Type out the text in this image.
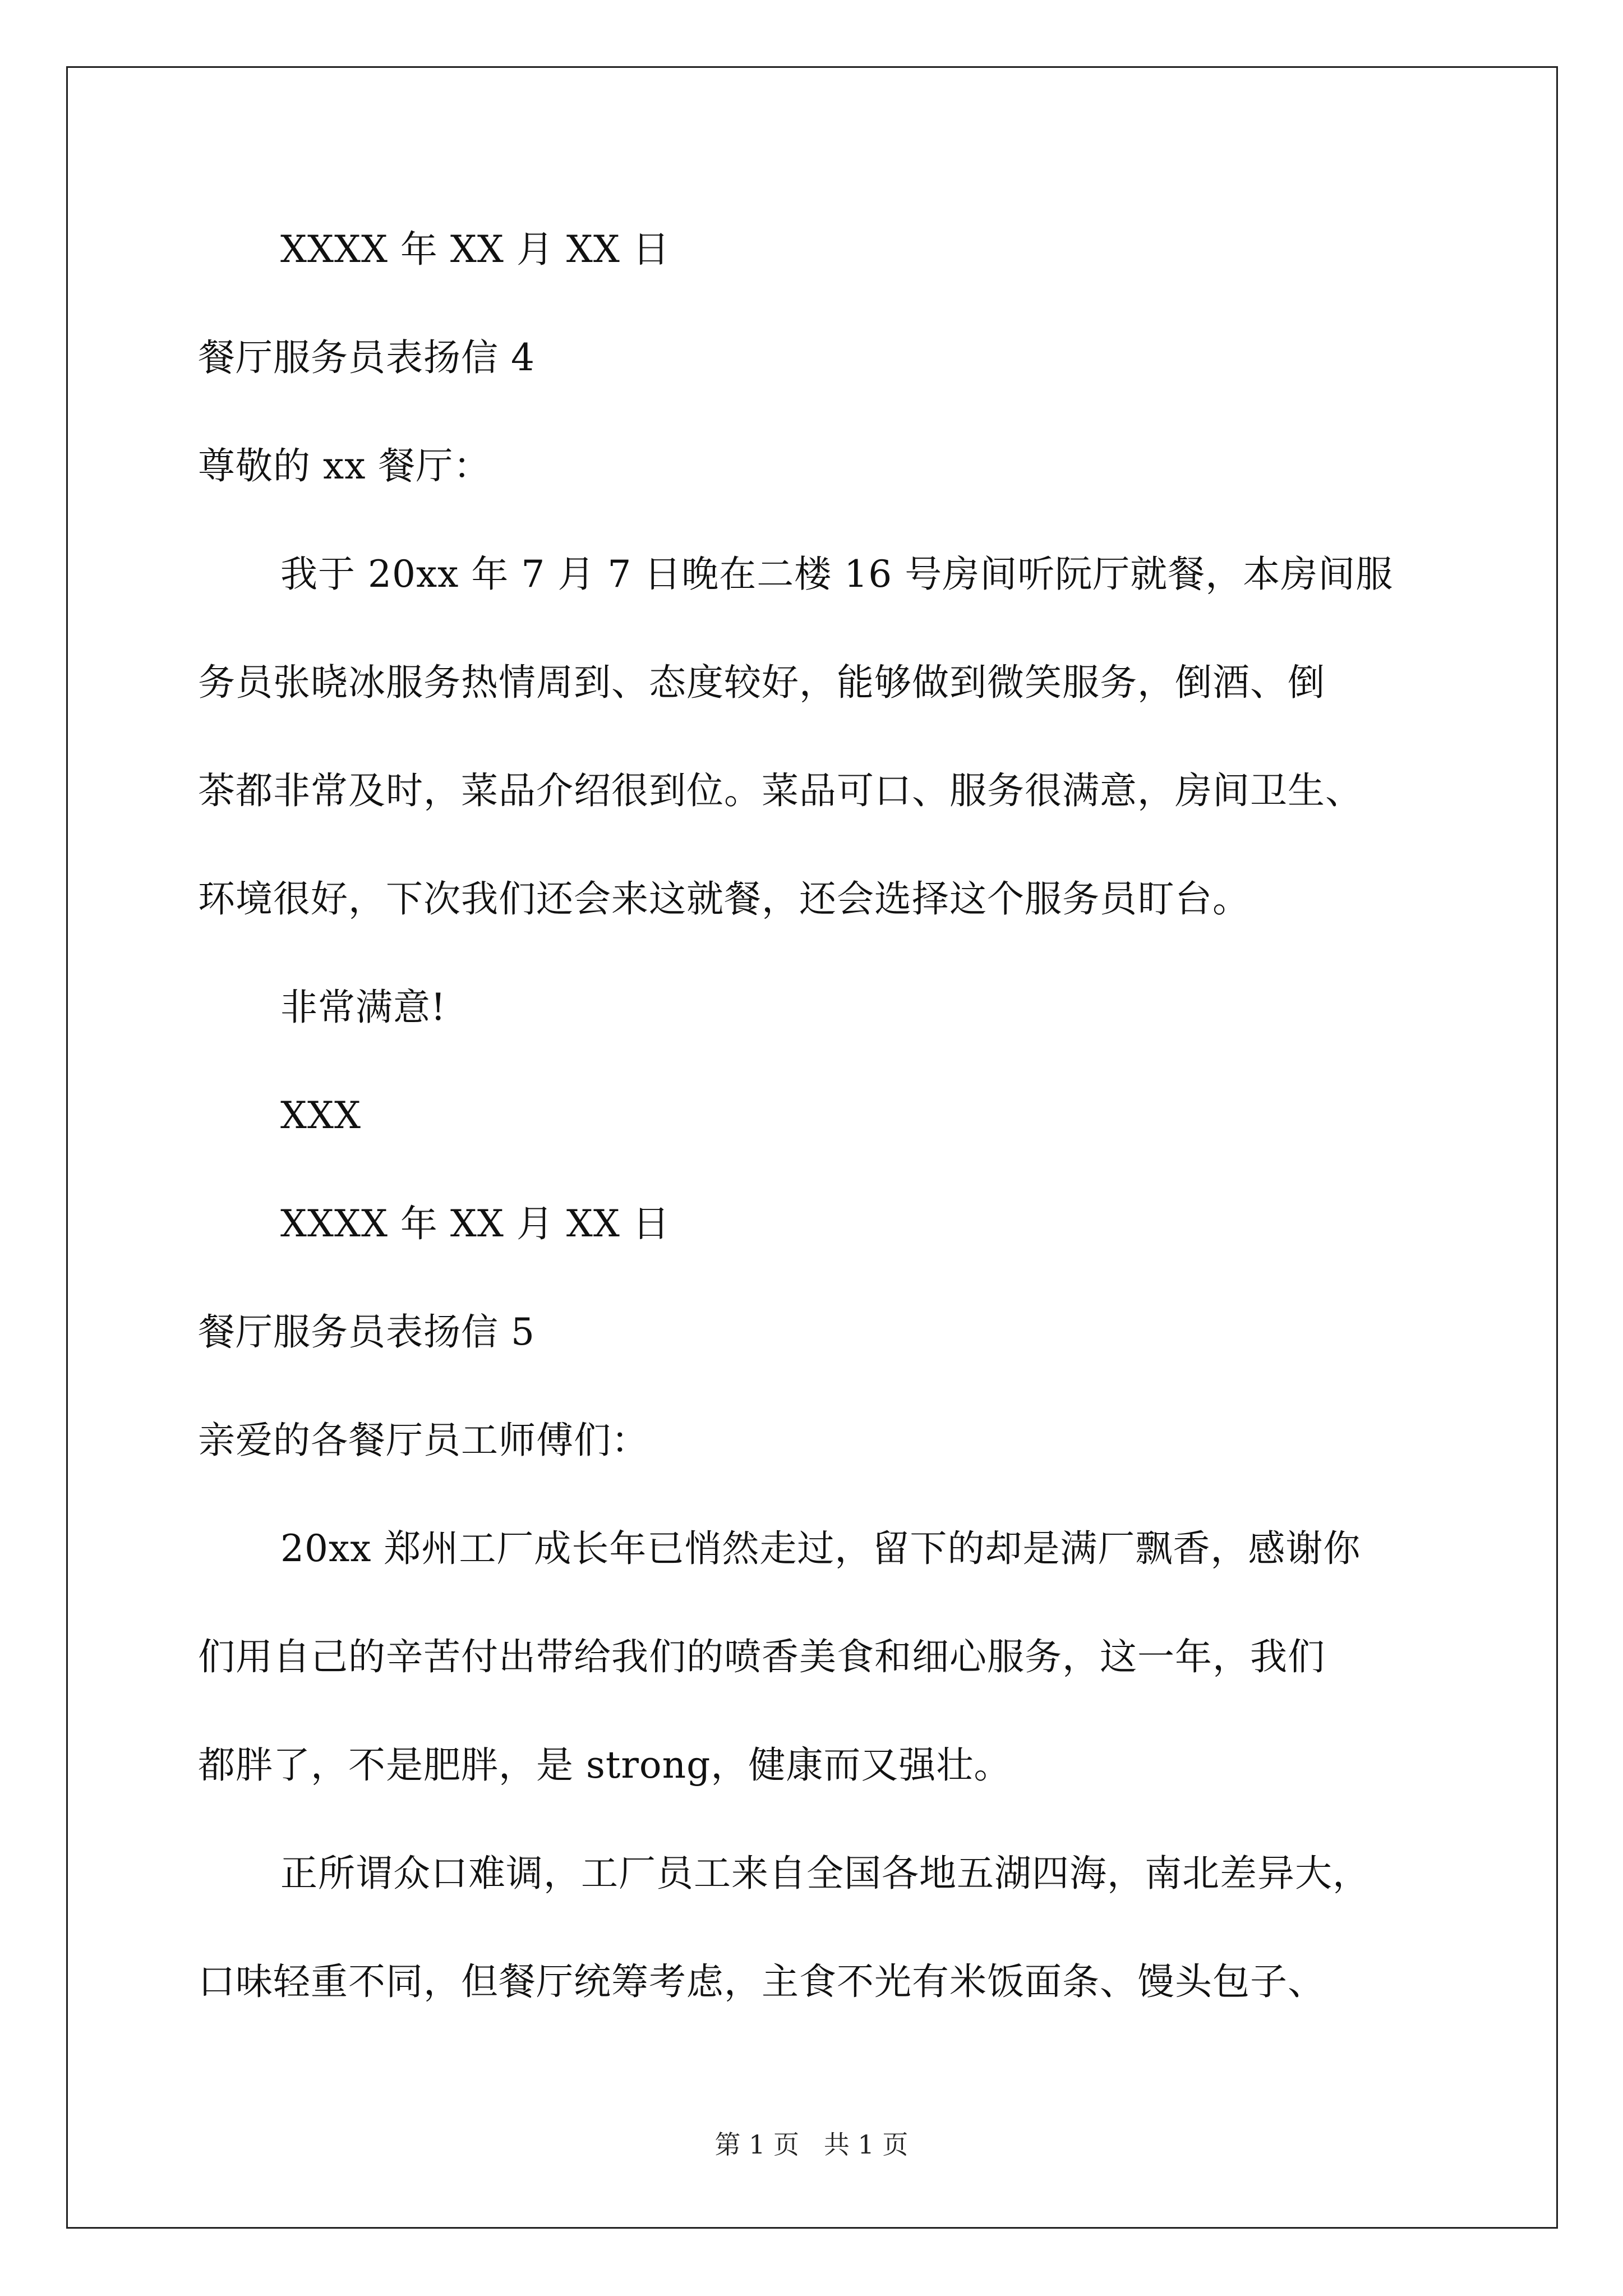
XXXX 年 XX 月 XX 日
餐厅服务员表扬信 4
尊敬的 xx 餐厅：
我于 20xx 年 7 月 7 日晚在二楼 16 号房间听阮厅就餐，本房间服
务员张晓冰服务热情周到、态度较好，能够做到微笑服务，倒酒、倒
茶都非常及时，菜品介绍很到位。菜品可口、服务很满意，房间卫生、
环境很好，下次我们还会来这就餐，还会选择这个服务员盯台。
非常满意!
XXX
XXXX 年 XX 月 XX 日
餐厅服务员表扬信 5
亲爱的各餐厅员工师傅们：
20xx 郑州工厂成长年已悄然走过，留下的却是满厂飘香，感谢你
们用自己的辛苦付出带给我们的喷香美食和细心服务，这一年，我们
都胖了，不是肥胖，是 strong，健康而又强壮。
正所谓众口难调，工厂员工来自全国各地五湖四海，南北差异大，
口味轻重不同，但餐厅统筹考虑，主食不光有米饭面条、馒头包子、
第 1 页   共 1 页
